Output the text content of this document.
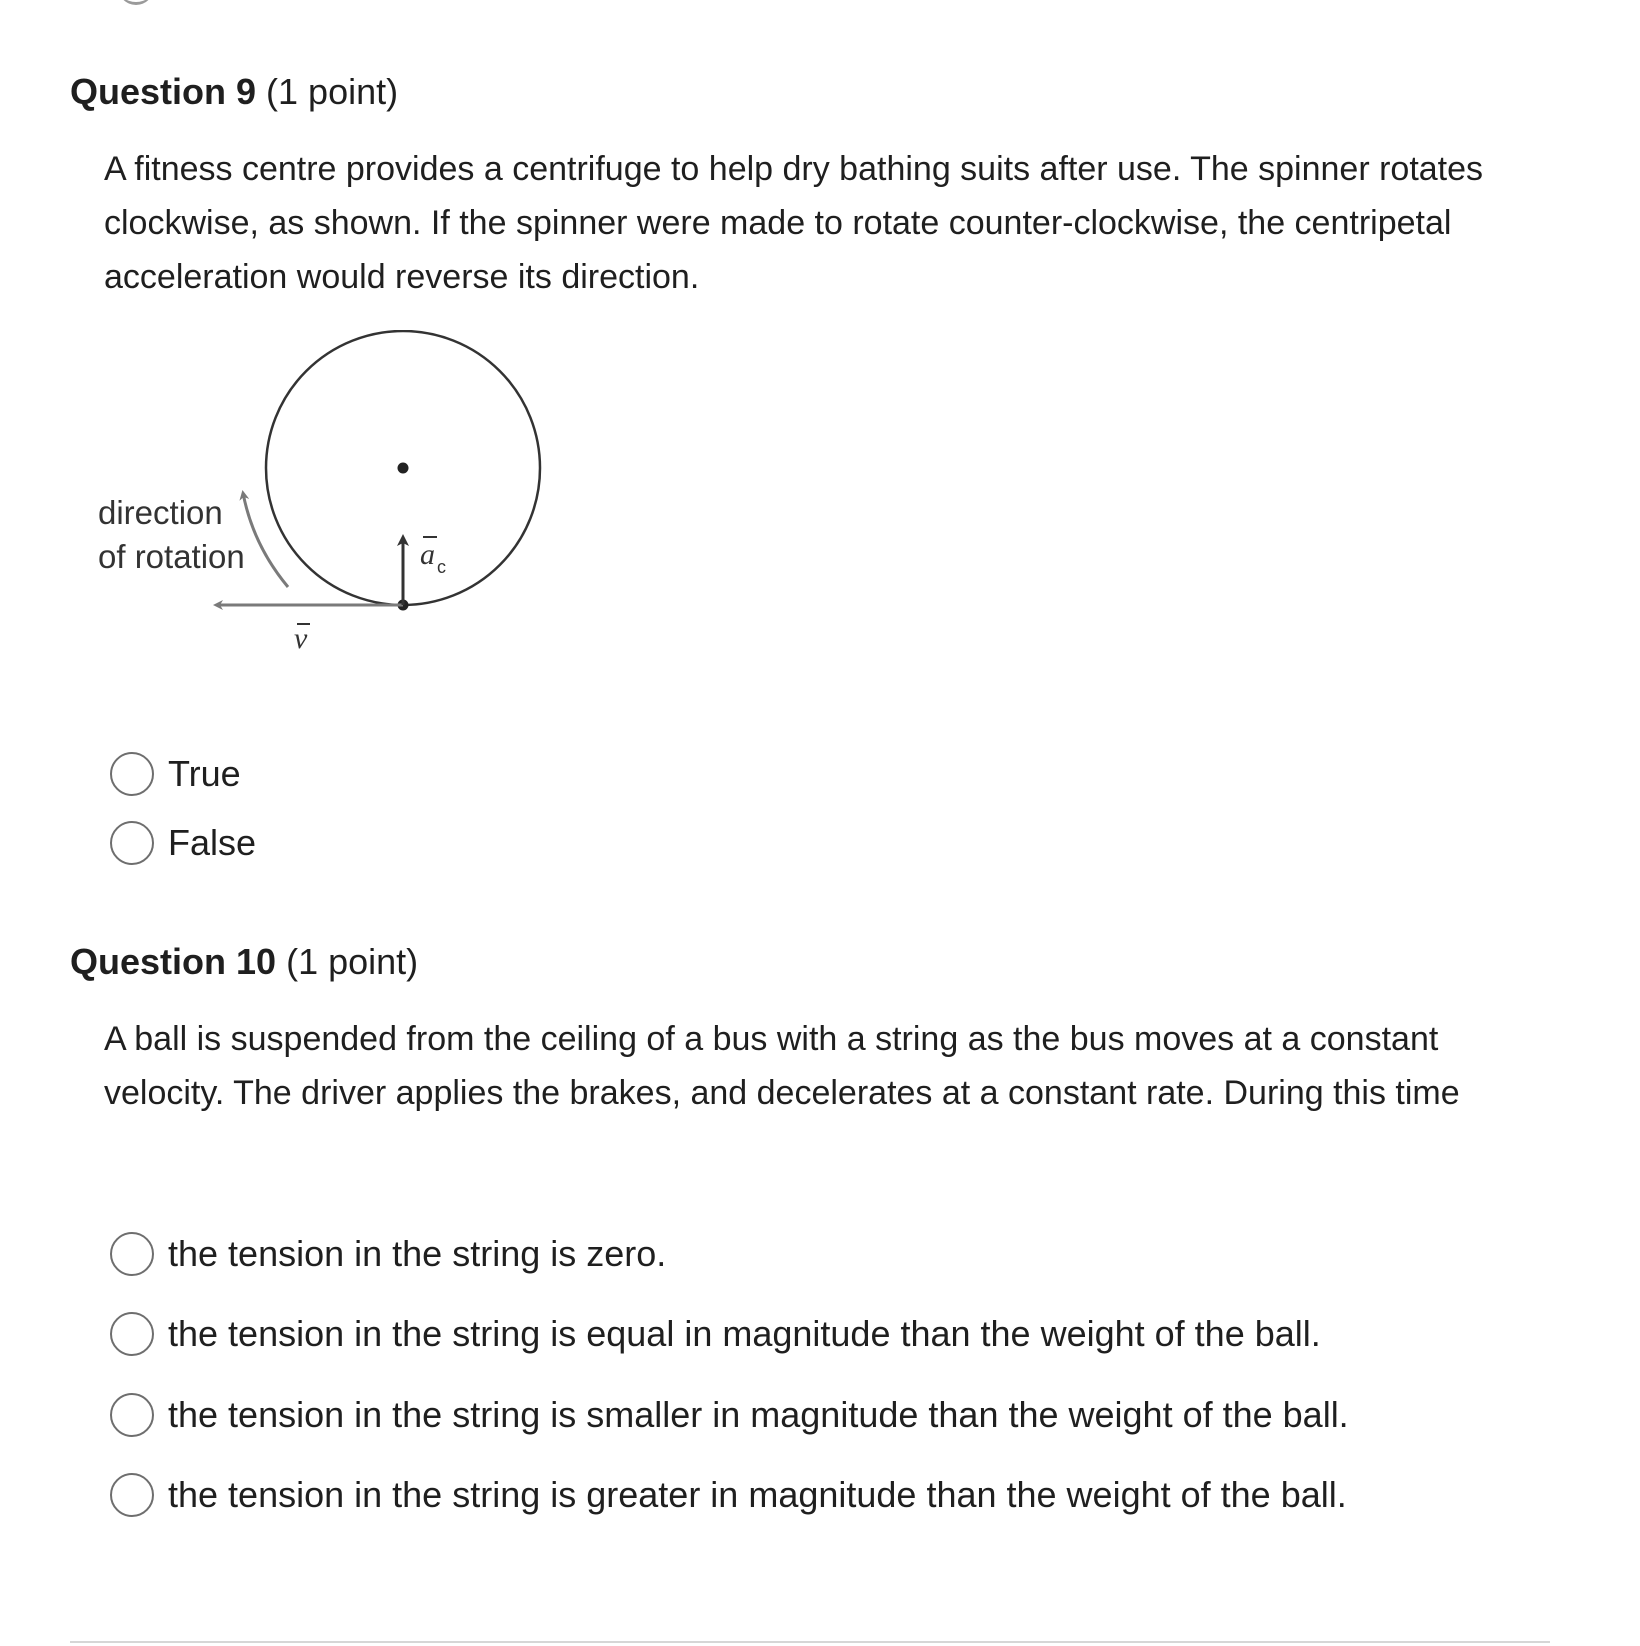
Question 9 (1 point)

A fitness centre provides a centrifuge to help dry bathing suits after use. The spinner rotates clockwise, as shown. If the spinner were made to rotate counter-clockwise, the centripetal acceleration would reverse its direction.

direction
of rotation	a c
v
True
False
Question 10 (1 point)

A ball is suspended from the ceiling of a bus with a string as the bus moves at a constant velocity. The driver applies the brakes, and decelerates at a constant rate. During this time

the tension in the string is zero.
the tension in the string is equal in magnitude than the weight of the ball.
the tension in the string is smaller in magnitude than the weight of the ball.
the tension in the string is greater in magnitude than the weight of the ball.
